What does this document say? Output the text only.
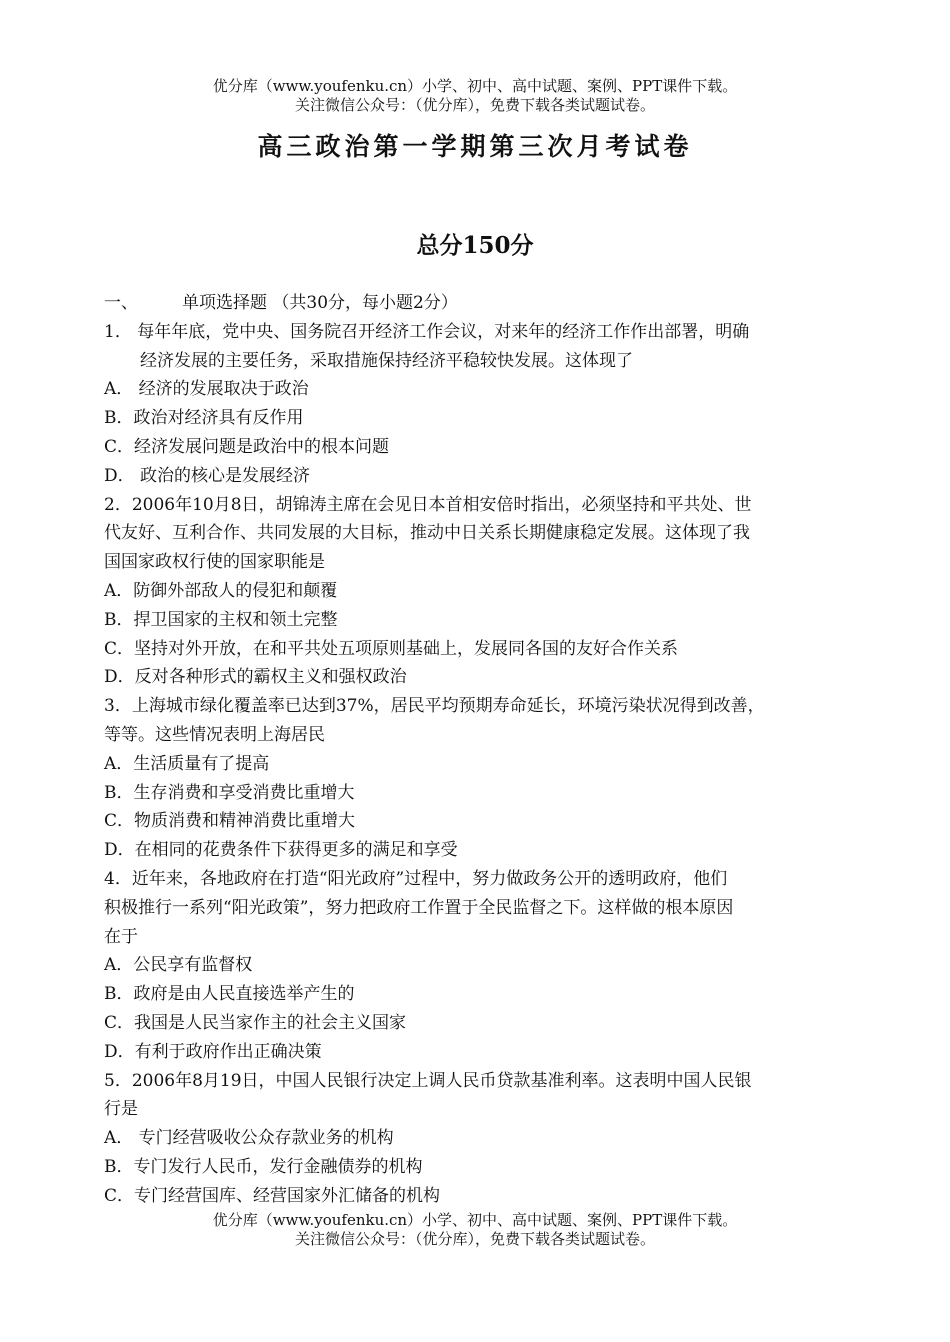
优分库（www.youfenku.cn）小学、初中、高中试题、案例、PPT课件下载。
关注微信公众号：（优分库），免费下载各类试题试卷。
高三政治第一学期第三次月考试卷
总分150分
一、	单项选择题 （共30分，每小题2分）
1． 每年年底，党中央、国务院召开经济工作会议，对来年的经济工作作出部署，明确
经济发展的主要任务，采取措施保持经济平稳较快发展。这体现了
A． 经济的发展取决于政治
B．政治对经济具有反作用
C．经济发展问题是政治中的根本问题
D． 政治的核心是发展经济
2．2006年10月8日，胡锦涛主席在会见日本首相安倍时指出，必须坚持和平共处、世
代友好、互利合作、共同发展的大目标，推动中日关系长期健康稳定发展。这体现了我
国国家政权行使的国家职能是
A．防御外部敌人的侵犯和颠覆
B．捍卫国家的主权和领土完整
C．坚持对外开放，在和平共处五项原则基础上，发展同各国的友好合作关系
D．反对各种形式的霸权主义和强权政治
3．上海城市绿化覆盖率已达到37%，居民平均预期寿命延长，环境污染状况得到改善，
等等。这些情况表明上海居民
A．生活质量有了提高
B．生存消费和享受消费比重增大
C．物质消费和精神消费比重增大
D．在相同的花费条件下获得更多的满足和享受
4．近年来，各地政府在打造“阳光政府”过程中，努力做政务公开的透明政府，他们
积极推行一系列“阳光政策”，努力把政府工作置于全民监督之下。这样做的根本原因
在于
A．公民享有监督权
B．政府是由人民直接选举产生的
C．我国是人民当家作主的社会主义国家
D．有利于政府作出正确决策
5．2006年8月19日，中国人民银行决定上调人民币贷款基准利率。这表明中国人民银
行是
A． 专门经营吸收公众存款业务的机构
B．专门发行人民币，发行金融债券的机构
C．专门经营国库、经营国家外汇储备的机构
优分库（www.youfenku.cn）小学、初中、高中试题、案例、PPT课件下载。
关注微信公众号：（优分库），免费下载各类试题试卷。
